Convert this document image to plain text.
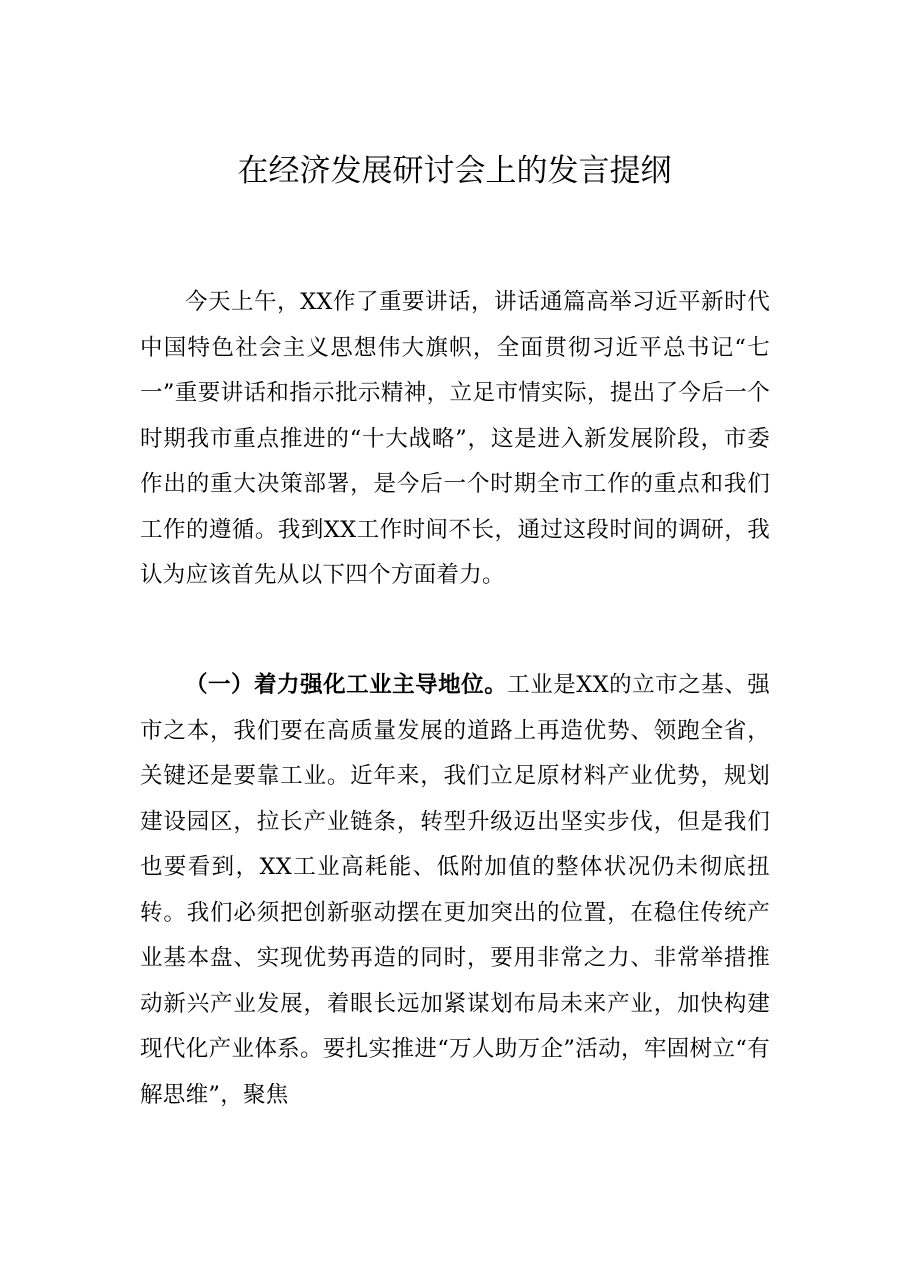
在经济发展研讨会上的发言提纲

今天上午，XX作了重要讲话，讲话通篇高举习近平新时代中国特色社会主义思想伟大旗帜，全面贯彻习近平总书记“七一”重要讲话和指示批示精神，立足市情实际，提出了今后一个时期我市重点推进的“十大战略”，这是进入新发展阶段，市委作出的重大决策部署，是今后一个时期全市工作的重点和我们工作的遵循。我到XX工作时间不长，通过这段时间的调研，我认为应该首先从以下四个方面着力。

（一）着力强化工业主导地位。工业是XX的立市之基、强市之本，我们要在高质量发展的道路上再造优势、领跑全省，关键还是要靠工业。近年来，我们立足原材料产业优势，规划建设园区，拉长产业链条，转型升级迈出坚实步伐，但是我们也要看到，XX工业高耗能、低附加值的整体状况仍未彻底扭转。我们必须把创新驱动摆在更加突出的位置，在稳住传统产业基本盘、实现优势再造的同时，要用非常之力、非常举措推动新兴产业发展，着眼长远加紧谋划布局未来产业，加快构建现代化产业体系。要扎实推进“万人助万企”活动，牢固树立“有解思维”，聚焦
